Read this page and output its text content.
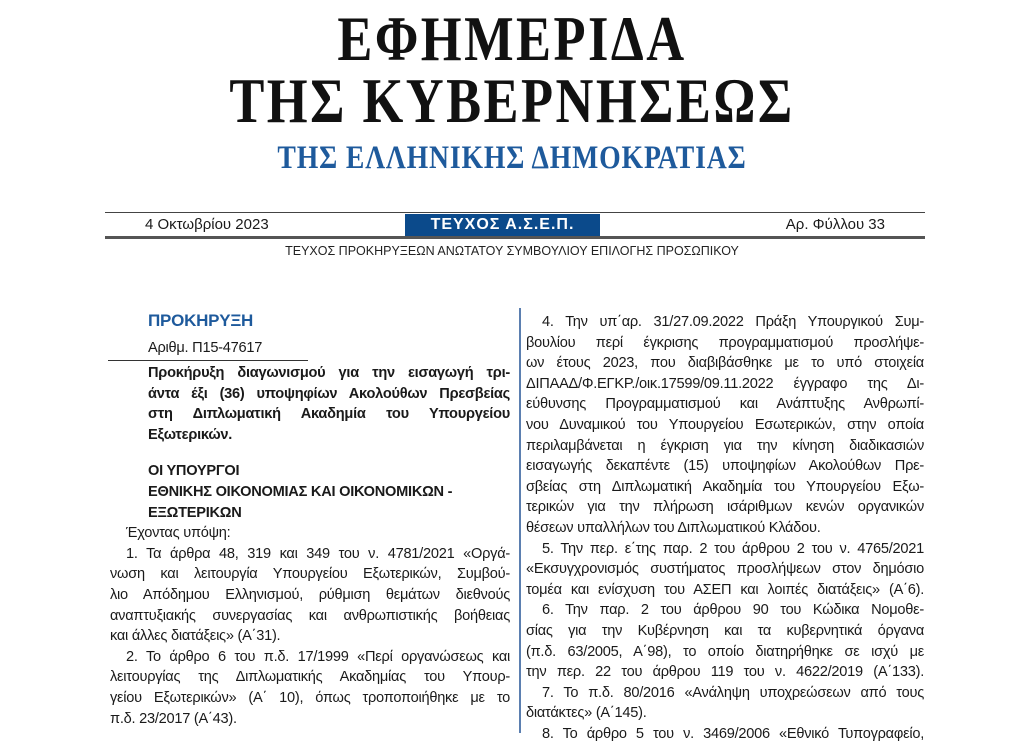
ΕΦΗΜΕΡΙΔΑ
ΤΗΣ ΚΥΒΕΡΝΗΣΕΩΣ
ΤΗΣ ΕΛΛΗΝΙΚΗΣ ΔΗΜΟΚΡΑΤΙΑΣ
4 Οκτωβρίου 2023	ΤΕΥΧΟΣ Α.Σ.Ε.Π.	Αρ. Φύλλου 33
ΤΕΥΧΟΣ ΠΡΟΚΗΡΥΞΕΩΝ ΑΝΩΤΑΤΟΥ ΣΥΜΒΟΥΛΙΟΥ ΕΠΙΛΟΓΗΣ ΠΡΟΣΩΠΙΚΟΥ
ΠΡΟΚΗΡΥΞΗ
Αριθμ. Π15-47617
Προκήρυξη διαγωνισμού για την εισαγωγή τρι-
άντα έξι (36) υποψηφίων Ακολούθων Πρεσβείας
στη Διπλωματική Ακαδημία του Υπουργείου
Εξωτερικών.
ΟΙ ΥΠΟΥΡΓΟΙ
ΕΘΝΙΚΗΣ ΟΙΚΟΝΟΜΙΑΣ ΚΑΙ ΟΙΚΟΝΟΜΙΚΩΝ -
ΕΞΩΤΕΡΙΚΩΝ
Έχοντας υπόψη:
1. Τα άρθρα 48, 319 και 349 του ν. 4781/2021 «Οργά-
νωση και λειτουργία Υπουργείου Εξωτερικών, Συμβού-
λιο Απόδημου Ελληνισμού, ρύθμιση θεμάτων διεθνούς
αναπτυξιακής συνεργασίας και ανθρωπιστικής βοήθειας
και άλλες διατάξεις» (Α΄31).
2. Το άρθρο 6 του π.δ. 17/1999 «Περί οργανώσεως και
λειτουργίας της Διπλωματικής Ακαδημίας του Υπουρ-
γείου Εξωτερικών» (Α΄ 10), όπως τροποποιήθηκε με το
π.δ. 23/2017 (Α΄43).
4. Την υπ΄αρ. 31/27.09.2022 Πράξη Υπουργικού Συμ-
βουλίου περί έγκρισης προγραμματισμού προσλήψε-
ων έτους 2023, που διαβιβάσθηκε με το υπό στοιχεία
ΔΙΠΑΑΔ/Φ.ΕΓΚΡ./οικ.17599/09.11.2022 έγγραφο της Δι-
εύθυνσης Προγραμματισμού και Ανάπτυξης Ανθρωπί-
νου Δυναμικού του Υπουργείου Εσωτερικών, στην οποία
περιλαμβάνεται η έγκριση για την κίνηση διαδικασιών
εισαγωγής δεκαπέντε (15) υποψηφίων Ακολούθων Πρε-
σβείας στη Διπλωματική Ακαδημία του Υπουργείου Εξω-
τερικών για την πλήρωση ισάριθμων κενών οργανικών
θέσεων υπαλλήλων του Διπλωματικού Κλάδου.
5. Την περ. ε΄της παρ. 2 του άρθρου 2 του ν. 4765/2021
«Εκσυγχρονισμός συστήματος προσλήψεων στον δημόσιο
τομέα και ενίσχυση του ΑΣΕΠ και λοιπές διατάξεις» (Α΄6).
6. Την παρ. 2 του άρθρου 90 του Κώδικα Νομοθε-
σίας για την Κυβέρνηση και τα κυβερνητικά όργανα
(π.δ. 63/2005, Α΄98), το οποίο διατηρήθηκε σε ισχύ με
την περ. 22 του άρθρου 119 του ν. 4622/2019 (Α΄133).
7. Το π.δ. 80/2016 «Ανάληψη υποχρεώσεων από τους
διατάκτες» (Α΄145).
8. Το άρθρο 5 του ν. 3469/2006 «Εθνικό Τυπογραφείο,
